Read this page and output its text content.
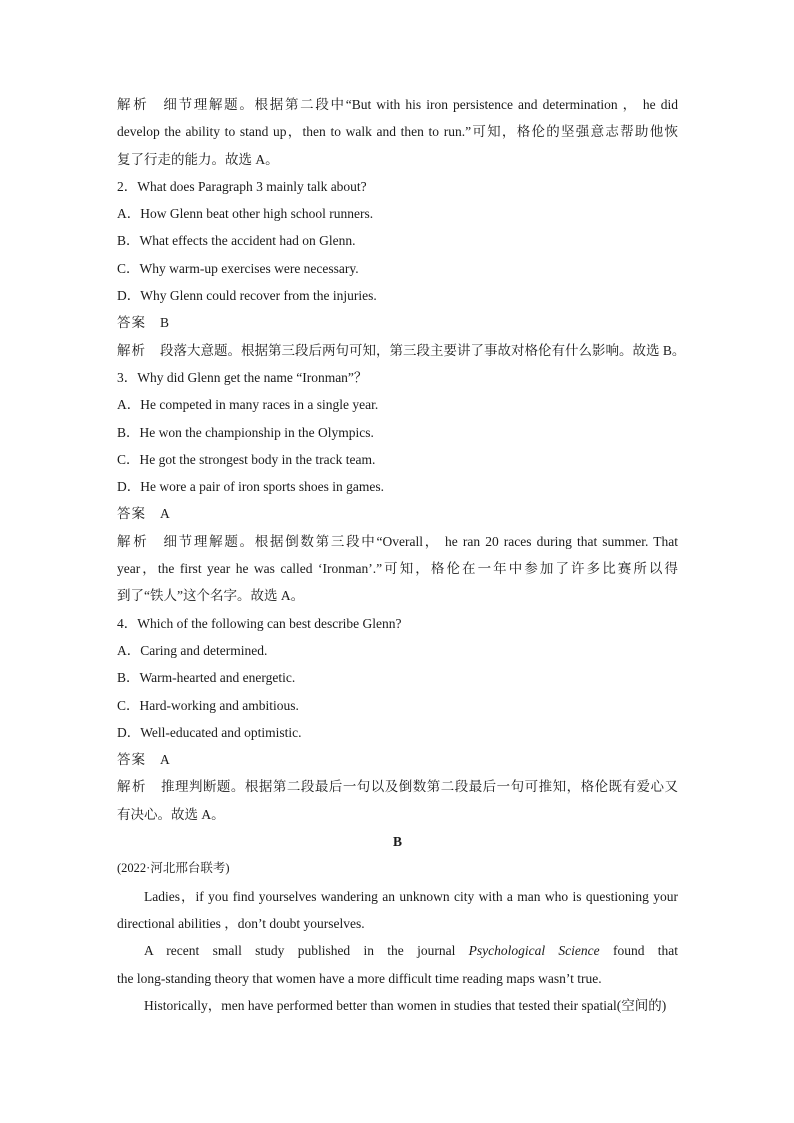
解析 细节理解题。根据第二段中“But with his iron persistence and determination ， he did
develop the ability to stand up，then to walk and then to run.”可知，格伦的坚强意志帮助他恢
复了行走的能力。故选 A。
2．What does Paragraph 3 mainly talk about?
A．How Glenn beat other high school runners.
B．What effects the accident had on Glenn.
C．Why warm-up exercises were necessary.
D．Why Glenn could recover from the injuries.
答案 B
解析 段落大意题。根据第三段后两句可知，第三段主要讲了事故对格伦有什么影响。故选 B。
3．Why did Glenn get the name “Ironman”？
A．He competed in many races in a single year.
B．He won the championship in the Olympics.
C．He got the strongest body in the track team.
D．He wore a pair of iron sports shoes in games.
答案 A
解析 细节理解题。根据倒数第三段中“Overall， he ran 20 races during that summer. That
year，the first year he was called ‘Ironman’.”可知，格伦在一年中参加了许多比赛所以得
到了“铁人”这个名字。故选 A。
4．Which of the following can best describe Glenn?
A．Caring and determined.
B．Warm-hearted and energetic.
C．Hard-working and ambitious.
D．Well-educated and optimistic.
答案 A
解析 推理判断题。根据第二段最后一句以及倒数第二段最后一句可推知，格伦既有爱心又
有决心。故选 A。
B
(2022·河北邢台联考)
Ladies，if you find yourselves wandering an unknown city with a man who is questioning your
directional abilities ，don’t doubt yourselves.
A recent small study published in the journal Psychological Science found that
the long-standing theory that women have a more difficult time reading maps wasn’t true.
Historically，men have performed better than women in studies that tested their spatial(空间的)
